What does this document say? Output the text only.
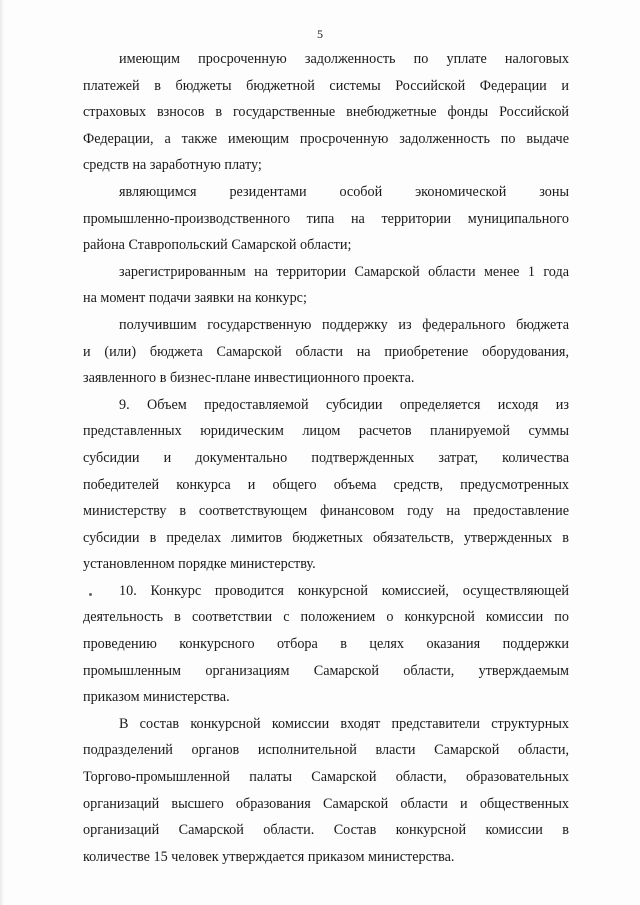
5
имеющим просроченную задолженность по уплате налоговых
платежей в бюджеты бюджетной системы Российской Федерации и
страховых взносов в государственные внебюджетные фонды Российской
Федерации, а также имеющим просроченную задолженность по выдаче
средств на заработную плату;
являющимся резидентами особой экономической зоны
промышленно-производственного типа на территории муниципального
района Ставропольский Самарской области;
зарегистрированным на территории Самарской области менее 1 года
на момент подачи заявки на конкурс;
получившим государственную поддержку из федерального бюджета
и (или) бюджета Самарской области на приобретение оборудования,
заявленного в бизнес-плане инвестиционного проекта.
9. Объем предоставляемой субсидии определяется исходя из
представленных юридическим лицом расчетов планируемой суммы
субсидии и документально подтвержденных затрат, количества
победителей конкурса и общего объема средств, предусмотренных
министерству в соответствующем финансовом году на предоставление
субсидии в пределах лимитов бюджетных обязательств, утвержденных в
установленном порядке министерству.
10. Конкурс проводится конкурсной комиссией, осуществляющей
деятельность в соответствии с положением о конкурсной комиссии по
проведению конкурсного отбора в целях оказания поддержки
промышленным организациям Самарской области, утверждаемым
приказом министерства.
В состав конкурсной комиссии входят представители структурных
подразделений органов исполнительной власти Самарской области,
Торгово-промышленной палаты Самарской области, образовательных
организаций высшего образования Самарской области и общественных
организаций Самарской области. Состав конкурсной комиссии в
количестве 15 человек утверждается приказом министерства.
